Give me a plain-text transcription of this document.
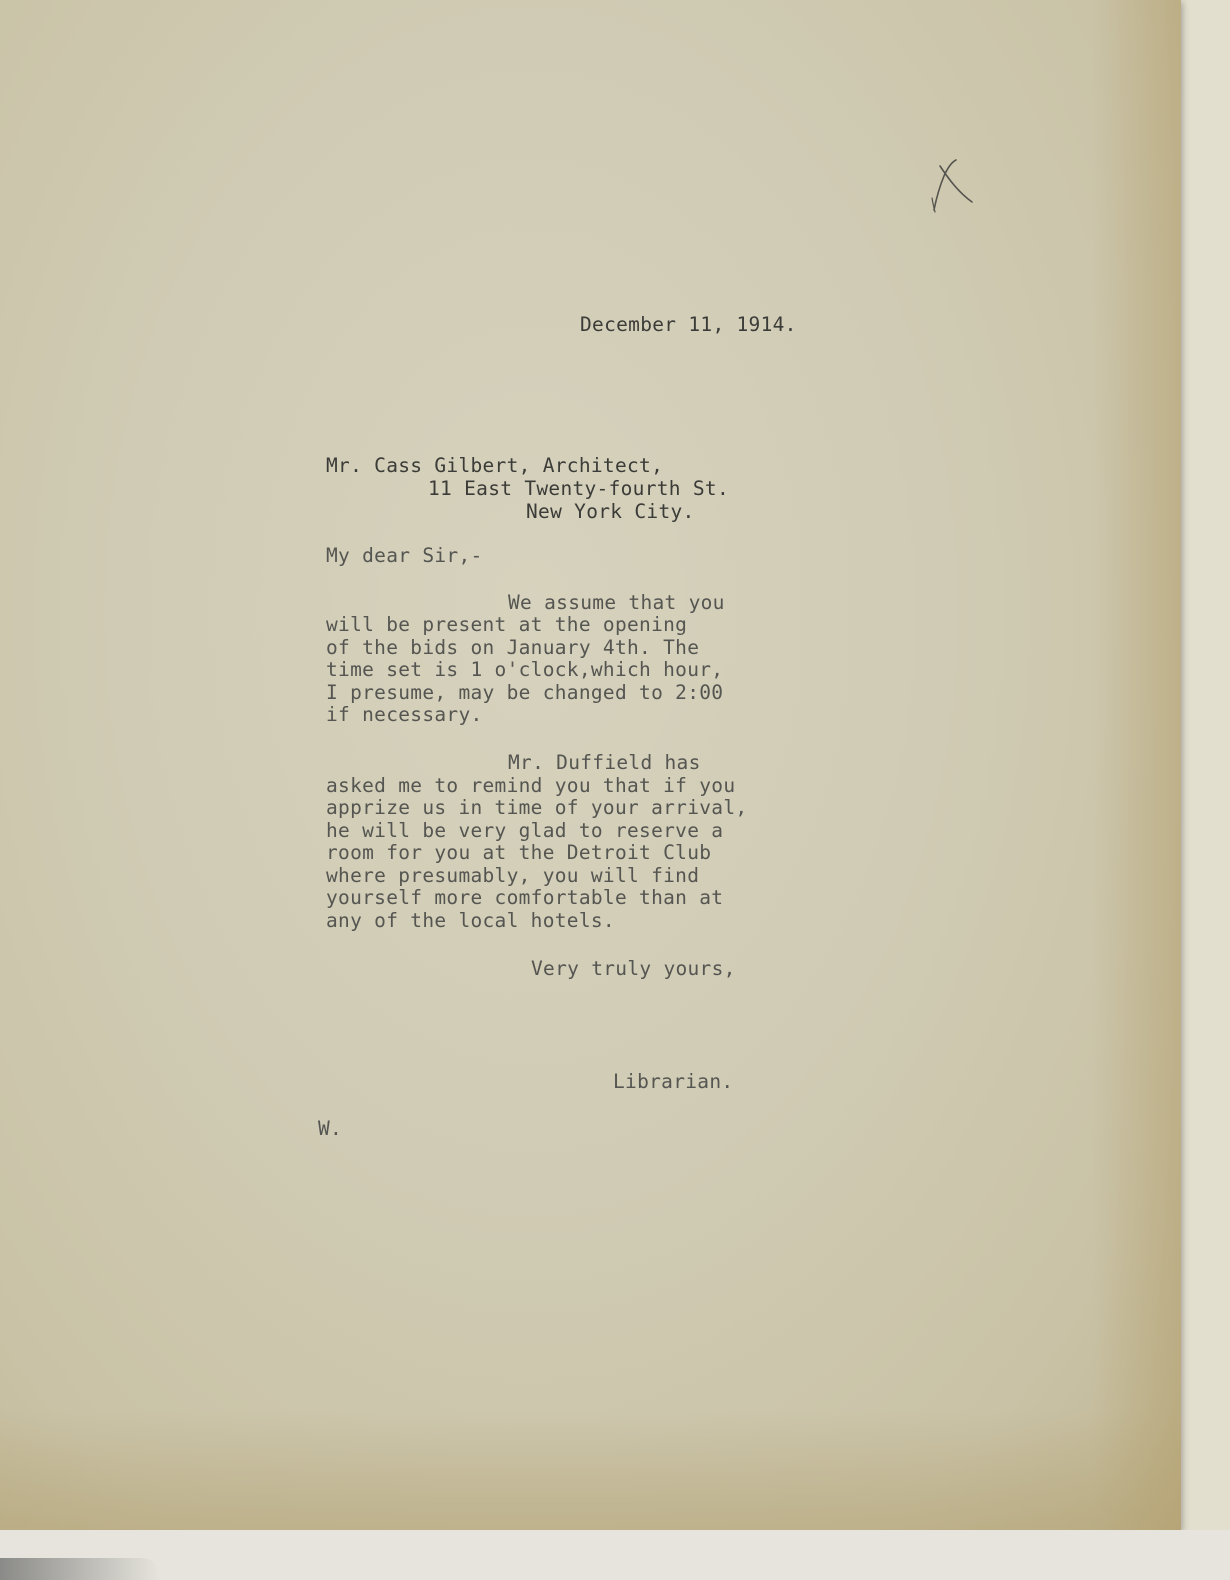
December 11, 1914.
Mr. Cass Gilbert, Architect,
11 East Twenty-fourth St.
New York City.
My dear Sir,-
We assume that you
will be present at the opening
of the bids on January 4th. The
time set is 1 o'clock,which hour,
I presume, may be changed to 2:00
if necessary.
Mr. Duffield has
asked me to remind you that if you
apprize us in time of your arrival,
he will be very glad to reserve a
room for you at the Detroit Club
where presumably, you will find
yourself more comfortable than at
any of the local hotels.
Very truly yours,
Librarian.
W.
